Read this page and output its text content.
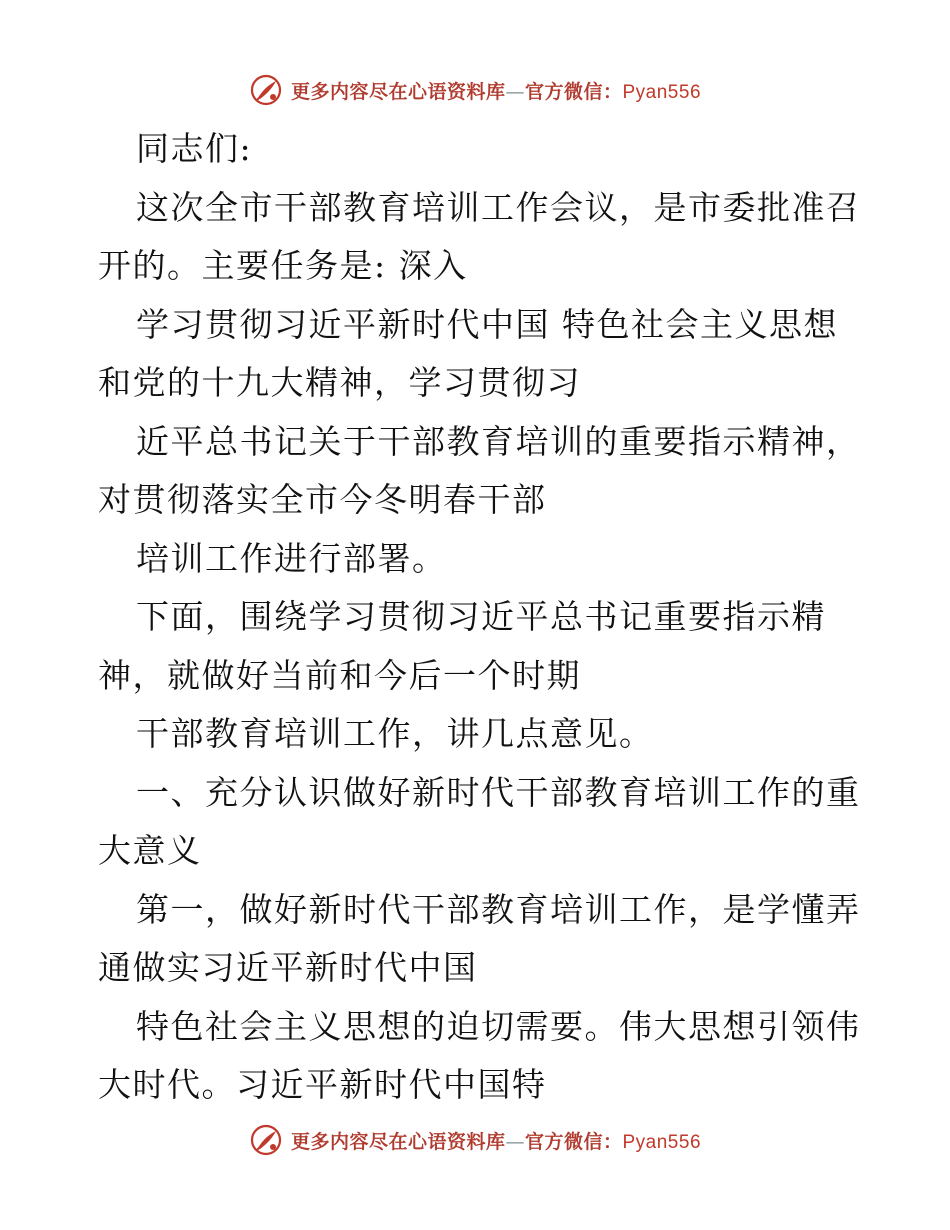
更多内容尽在心语资料库—官方微信：Pyan556
同志们:
这次全市干部教育培训工作会议，是市委批准召
开的。主要任务是: 深入
学习贯彻习近平新时代中国 特色社会主义思想
和党的十九大精神，学习贯彻习
近平总书记关于干部教育培训的重要指示精神，
对贯彻落实全市今冬明春干部
培训工作进行部署。
下面，围绕学习贯彻习近平总书记重要指示精
神，就做好当前和今后一个时期
干部教育培训工作，讲几点意见。
一、充分认识做好新时代干部教育培训工作的重
大意义
第一，做好新时代干部教育培训工作，是学懂弄
通做实习近平新时代中国
特色社会主义思想的迫切需要。伟大思想引领伟
大时代。习近平新时代中国特
更多内容尽在心语资料库—官方微信：Pyan556
